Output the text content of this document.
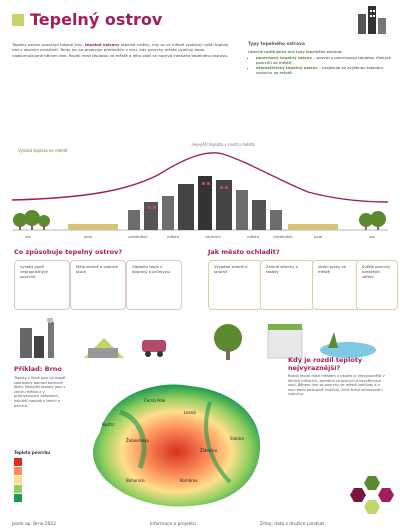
Tepelný ostrov
Tepelný ostrov označuje takové jevy, tepelné ostrovy tepelné změny, kdy se ve městě vyskytují vyšší teploty než v okolním prostředí. Tento jev se projevuje především v noci, kdy povrchy města uvolňují teplo naakumulované během dne. Rozdíl mezi teplotou ve městě a jeho okolí se nazývá intenzita tepelného ostrova.
Typy tepelného ostrova
Obecně rozlišujeme dva typy tepelného ostrova:
• povrchový tepelný ostrov – souvisí s povrchovou teplotou různých povrchů ve městě.
• atmosférický tepelný ostrov – projevuje se zvýšenou teplotou vzduchu ve městě.
Vysoká teplota ve městě
nejvyšší teplota v centru města
les	pole	předměstí	město	centrum	město	předměstí	pole	les
Co způsobuje tepelný ostrov?
Vysoký podíl nepropustných povrchů
Málo zeleně a vodních ploch
Odpadní teplo z dopravy a průmyslu
Jak město ochladit?
Výsadba zeleně a stromů
Zelené střechy a fasády
Vodní prvky ve městě
Světlé povrchy odrážející záření
Příklad: Brno
Teploty v Brně jsou na mapě zobrazeny pomocí barevné škály. Nejvyšší teploty jsou v centru města a v průmyslových oblastech, nejnižší naopak v lesích a parcích.
Černá Pole
Lesná
Židenice
Slatina
Komárov
Bohunice
Žabovřesky
Bystrc
Teplota povrchu
Kdy je rozdíl teploty nejvýraznější?
Rozdíl teplot mezi městem a okolím je nejvýraznější v letních měsících, zejména za jasných a bezvětrných nocí. Během dne se povrchy ve městě zahřívají a v noci teplo postupně uvolňují, čímž brání ochlazování vzduchu.
Jezek ap. Brno 2022	Informace o projektu	Zdroj: data z družice Landsat
